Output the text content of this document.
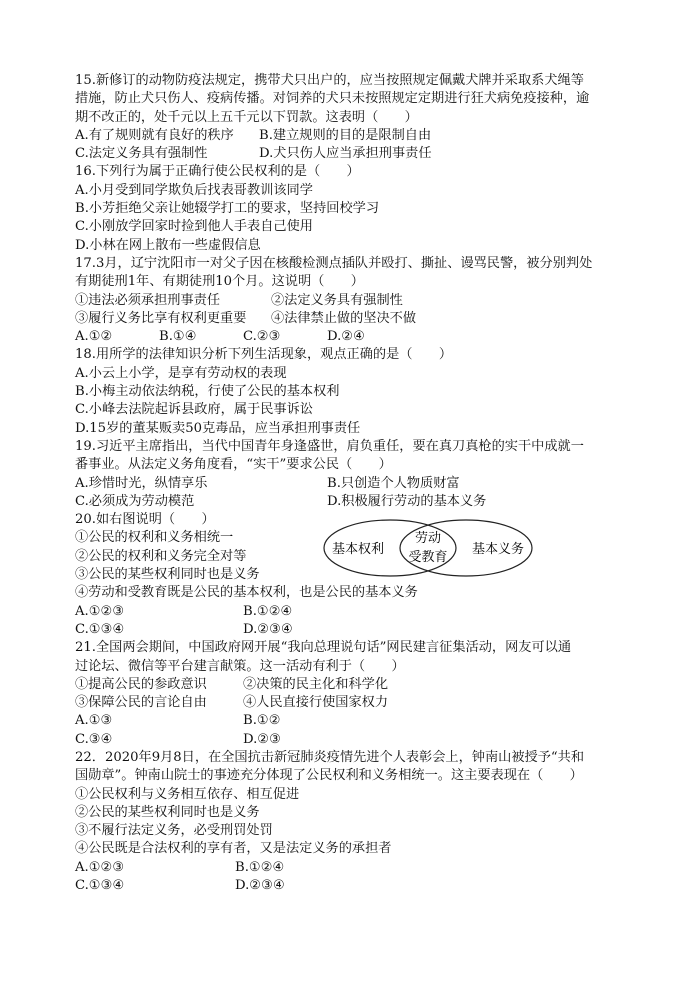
15.新修订的动物防疫法规定，携带犬只出户的，应当按照规定佩戴犬牌并采取系犬绳等
措施，防止犬只伤人、疫病传播。对饲养的犬只未按照规定定期进行狂犬病免疫接种，逾
期不改正的，处千元以上五千元以下罚款。这表明（　　）
A.有了规则就有良好的秩序 B.建立规则的目的是限制自由
C.法定义务具有强制性	D.犬只伤人应当承担刑事责任
16.下列行为属于正确行使公民权利的是（　　）
A.小月受到同学欺负后找表哥教训该同学
B.小芳拒绝父亲让她辍学打工的要求，坚持回校学习
C.小刚放学回家时捡到他人手表自己使用
D.小林在网上散布一些虚假信息
17.3月，辽宁沈阳市一对父子因在核酸检测点插队并殴打、撕扯、谩骂民警，被分别判处
有期徒刑1年、有期徒刑10个月。这说明（　　）
①违法必须承担刑事责任	②法定义务具有强制性
③履行义务比享有权利更重要 ④法律禁止做的坚决不做
A.①②	B.①④	C.②③	D.②④
18.用所学的法律知识分析下列生活现象，观点正确的是（　　）
A.小云上小学，是享有劳动权的表现
B.小梅主动依法纳税，行使了公民的基本权利
C.小峰去法院起诉县政府，属于民事诉讼
D.15岁的董某贩卖50克毒品，应当承担刑事责任
19.习近平主席指出，当代中国青年身逢盛世，肩负重任，要在真刀真枪的实干中成就一
番事业。从法定义务角度看，“实干”要求公民（　　）
A.珍惜时光，纵情享乐	B.只创造个人物质财富
C.必须成为劳动模范	D.积极履行劳动的基本义务
20.如右图说明（　　）
①公民的权利和义务相统一
②公民的权利和义务完全对等
③公民的某些权利同时也是义务
④劳动和受教育既是公民的基本权利，也是公民的基本义务
A.①②③	B.①②④
C.①③④	D.②③④
21.全国两会期间，中国政府网开展“我向总理说句话”网民建言征集活动，网友可以通
过论坛、微信等平台建言献策。这一活动有利于（　　）
①提高公民的参政意识	②决策的民主化和科学化
③保障公民的言论自由	④人民直接行使国家权力
A.①③	B.①②
C.③④	D.②③
22．2020年9月8日，在全国抗击新冠肺炎疫情先进个人表彰会上，钟南山被授予“共和
国勋章”。钟南山院士的事迹充分体现了公民权利和义务相统一。这主要表现在（　　）
①公民权利与义务相互依存、相互促进
②公民的某些权利同时也是义务
③不履行法定义务，必受刑罚处罚
④公民既是合法权利的享有者，又是法定义务的承担者
A.①②③	B.①②④
C.①③④	D.②③④
基本权利
劳动
受教育
基本义务
